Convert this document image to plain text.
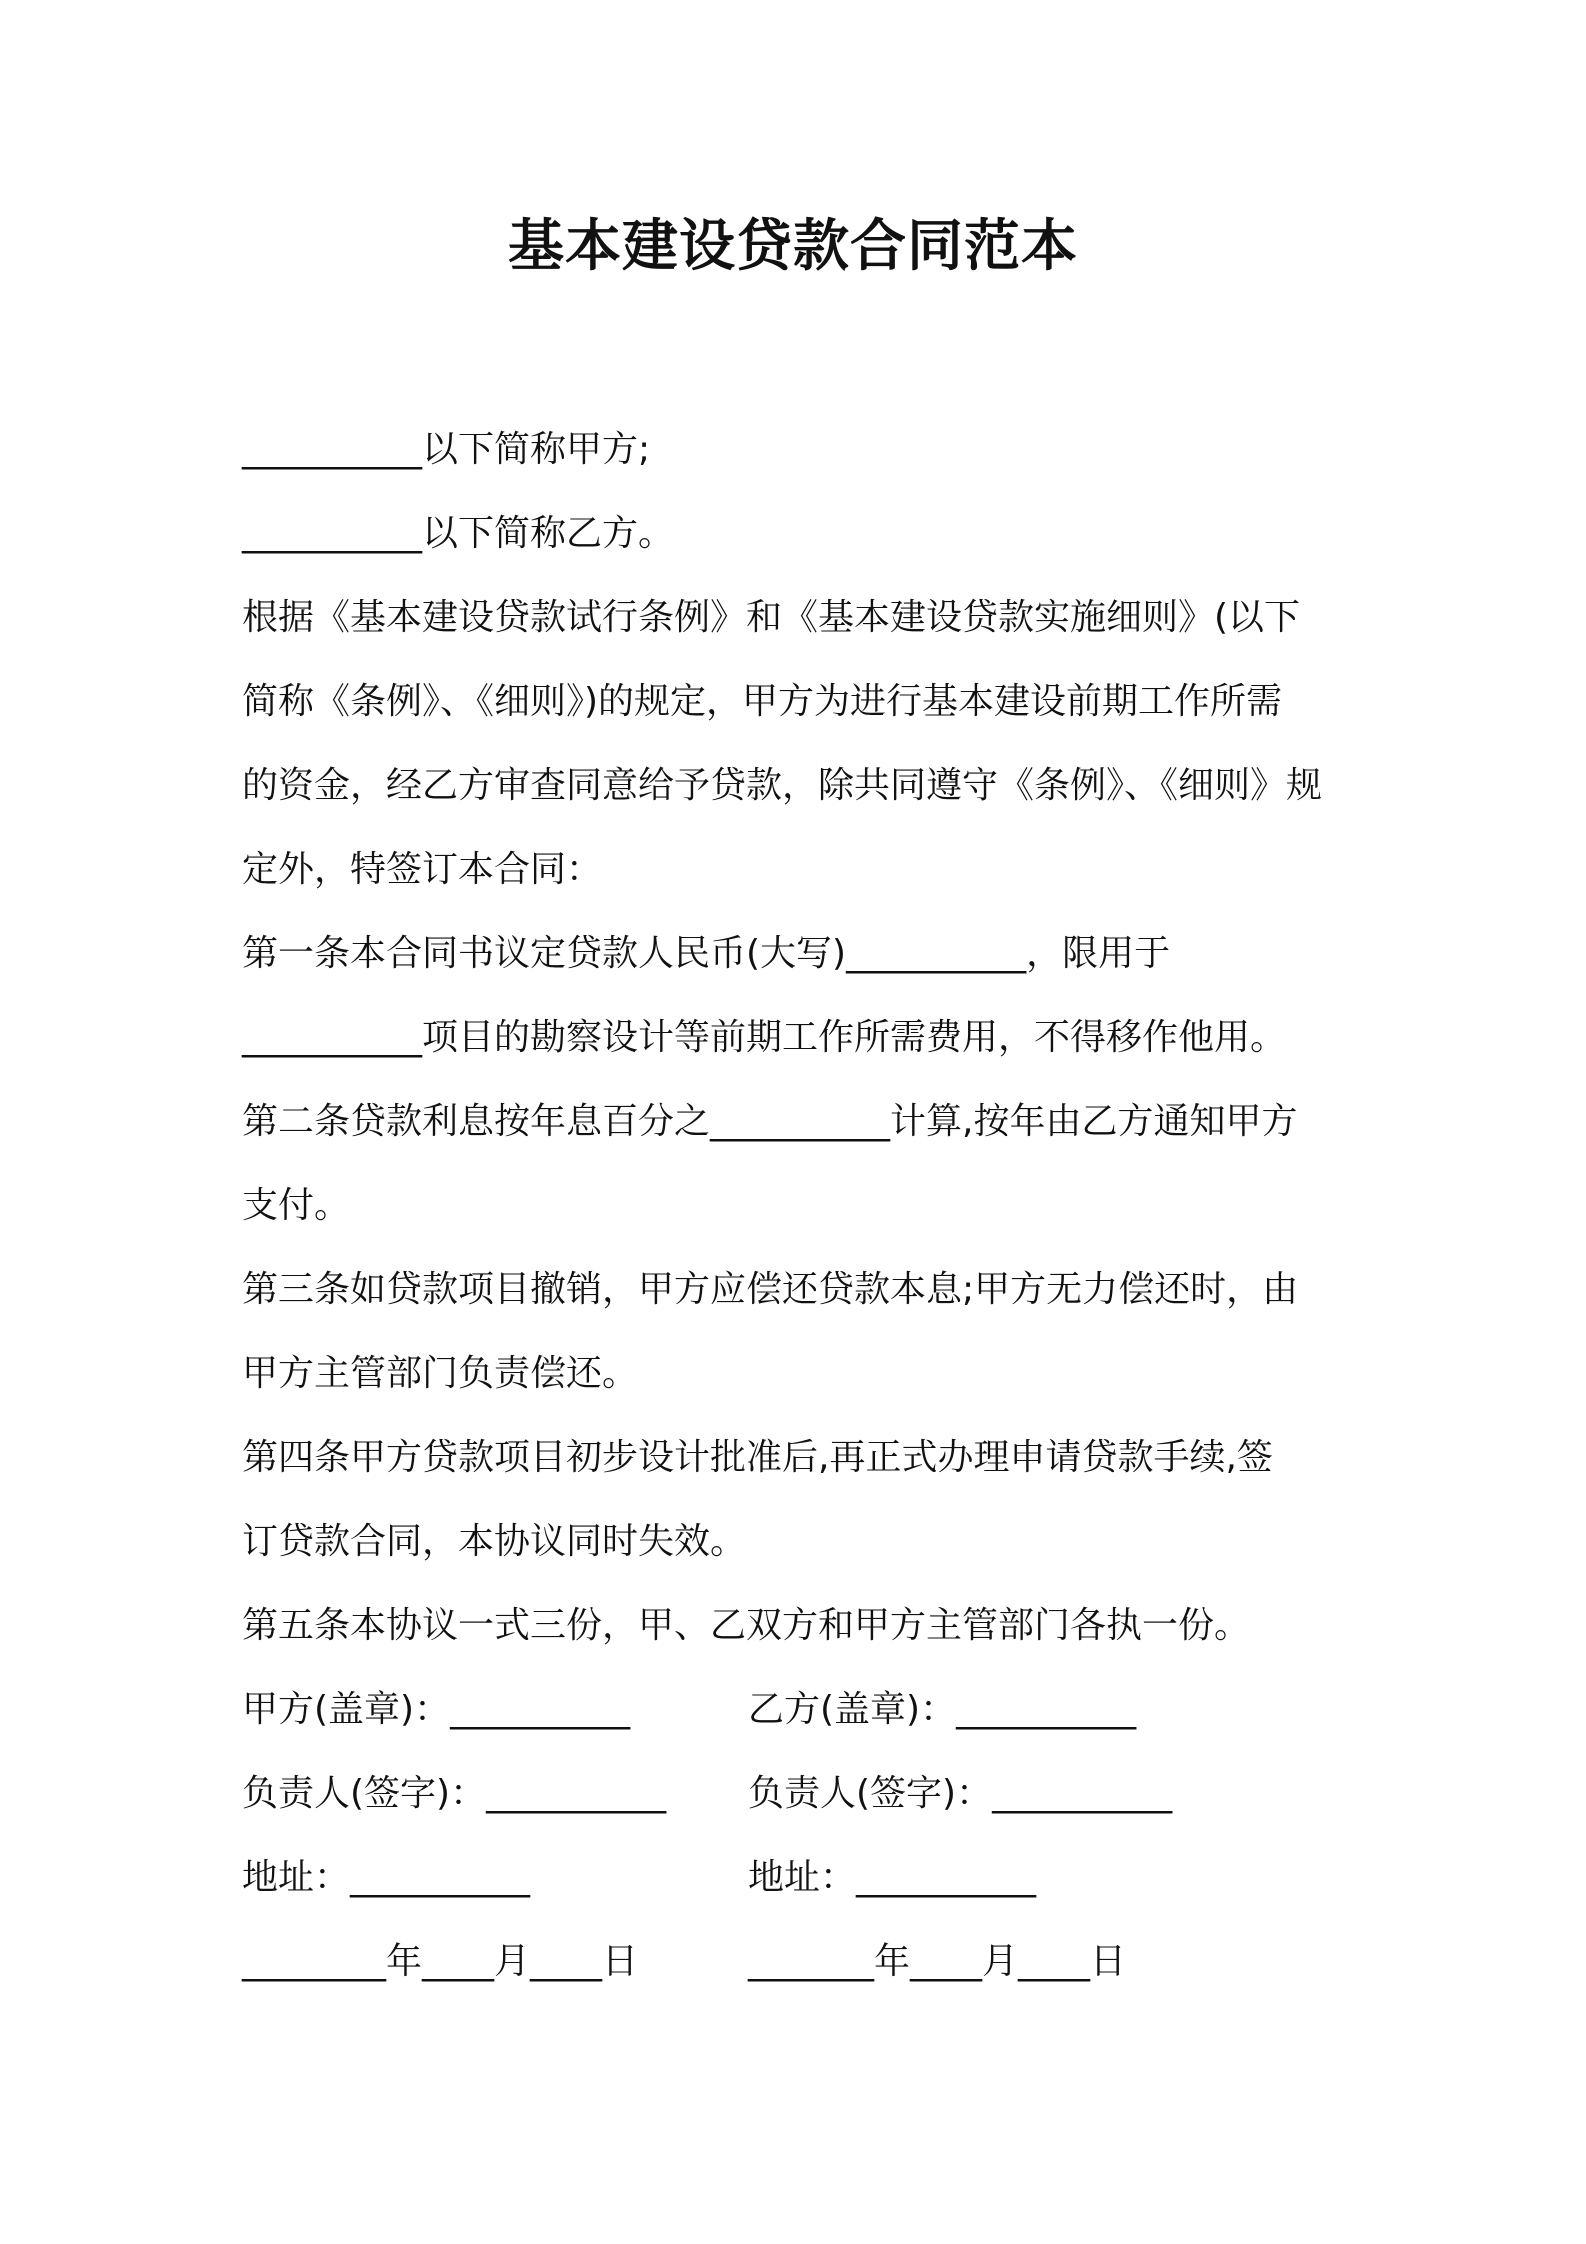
基本建设贷款合同范本
__________以下简称甲方;
__________以下简称乙方。
根据《基本建设贷款试行条例》和《基本建设贷款实施细则》(以下
简称《条例》、《细则》)的规定，甲方为进行基本建设前期工作所需
的资金，经乙方审查同意给予贷款，除共同遵守《条例》、《细则》规
定外，特签订本合同：
第一条本合同书议定贷款人民币(大写)__________，限用于
__________项目的勘察设计等前期工作所需费用，不得移作他用。
第二条贷款利息按年息百分之__________计算,按年由乙方通知甲方
支付。
第三条如贷款项目撤销，甲方应偿还贷款本息;甲方无力偿还时，由
甲方主管部门负责偿还。
第四条甲方贷款项目初步设计批准后,再正式办理申请贷款手续,签
订贷款合同，本协议同时失效。
第五条本协议一式三份，甲、乙双方和甲方主管部门各执一份。
甲方(盖章)：__________	乙方(盖章)：__________
负责人(签字)：__________ 负责人(签字)：__________
地址：__________	地址：__________
________年____月____日	_______年____月____日
